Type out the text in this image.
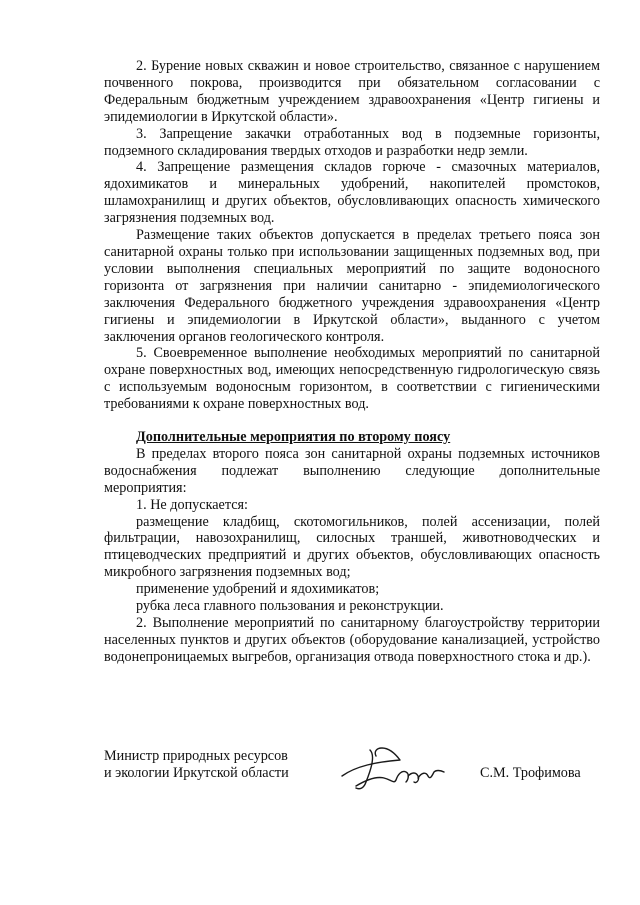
2. Бурение новых скважин и новое строительство, связанное с нарушением почвенного покрова, производится при обязательном согласовании с Федеральным бюджетным учреждением здравоохранения «Центр гигиены и эпидемиологии в Иркутской области».

3. Запрещение закачки отработанных вод в подземные горизонты, подземного складирования твердых отходов и разработки недр земли.

4. Запрещение размещения складов горюче - смазочных материалов, ядохимикатов и минеральных удобрений, накопителей промстоков, шламохранилищ и других объектов, обусловливающих опасность химического загрязнения подземных вод.

Размещение таких объектов допускается в пределах третьего пояса зон санитарной охраны только при использовании защищенных подземных вод, при условии выполнения специальных мероприятий по защите водоносного горизонта от загрязнения при наличии санитарно - эпидемиологического заключения Федерального бюджетного учреждения здравоохранения «Центр гигиены и эпидемиологии в Иркутской области», выданного с учетом заключения органов геологического контроля.

5. Своевременное выполнение необходимых мероприятий по санитарной охране поверхностных вод, имеющих непосредственную гидрологическую связь с используемым водоносным горизонтом, в соответствии с гигиеническими требованиями к охране поверхностных вод.

Дополнительные мероприятия по второму поясу

В пределах второго пояса зон санитарной охраны подземных источников водоснабжения подлежат выполнению следующие дополнительные мероприятия:

1. Не допускается:

размещение кладбищ, скотомогильников, полей ассенизации, полей фильтрации, навозохранилищ, силосных траншей, животноводческих и птицеводческих предприятий и других объектов, обусловливающих опасность микробного загрязнения подземных вод;

применение удобрений и ядохимикатов;

рубка леса главного пользования и реконструкции.

2. Выполнение мероприятий по санитарному благоустройству территории населенных пунктов и других объектов (оборудование канализацией, устройство водонепроницаемых выгребов, организация отвода поверхностного стока и др.).

Министр природных ресурсов
и экологии Иркутской области	С.М. Трофимова
